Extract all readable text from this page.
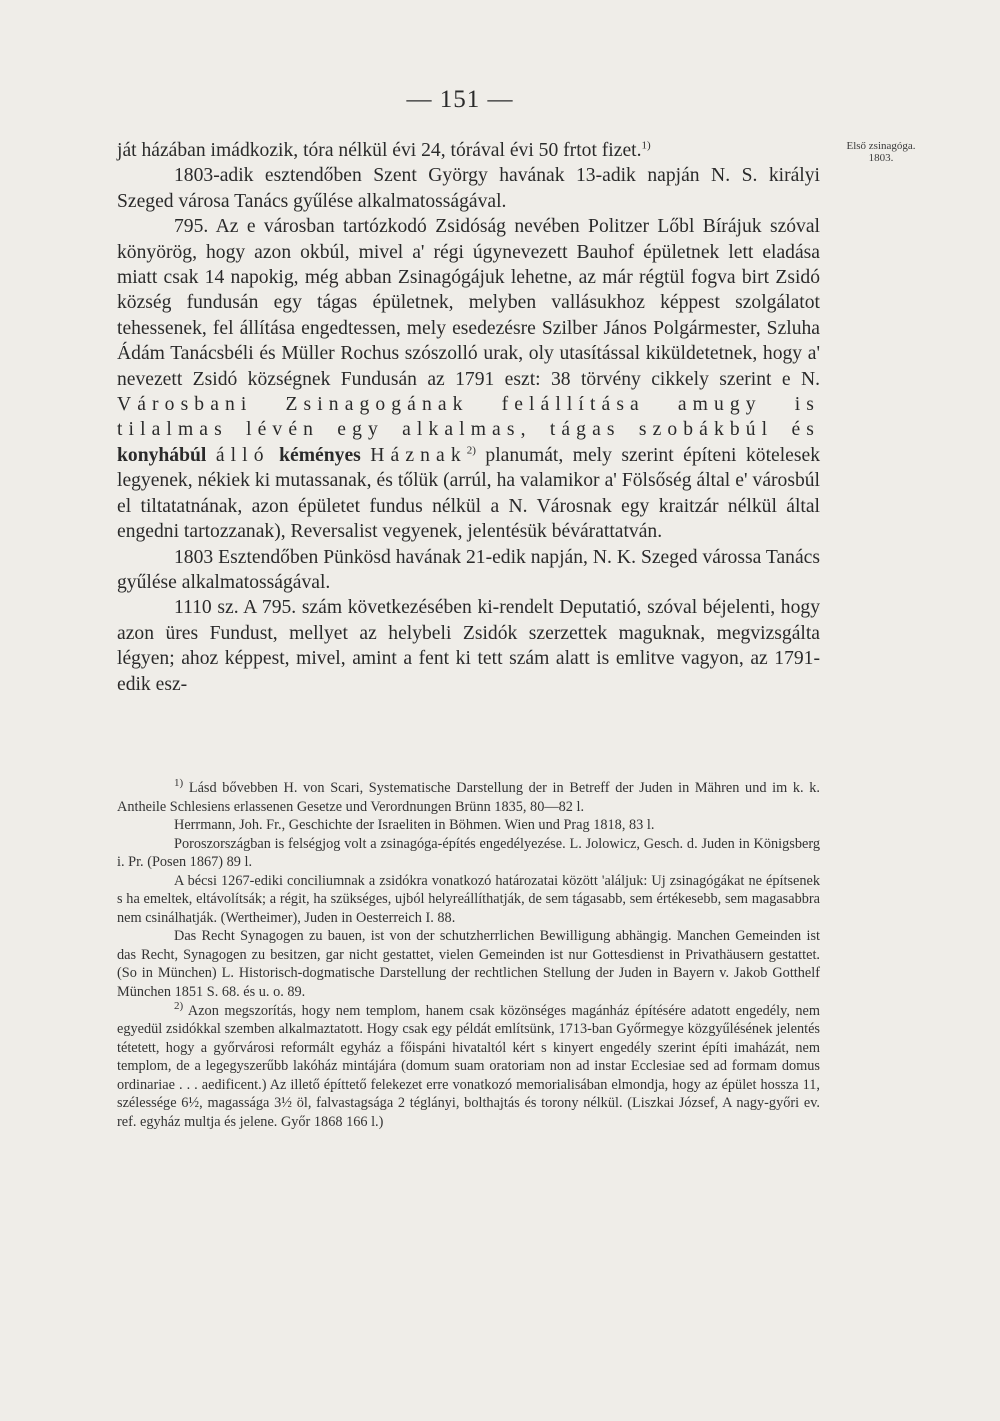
— 151 —
Első zsinagóga.
1803.

ját házában imádkozik, tóra nélkül évi 24, tórával évi 50 frtot fizet.$^{1)}$

1803-adik esztendőben Szent György havának 13-adik napján N. S. királyi Szeged városa Tanács gyűlése alkalmatosságával.

795. Az e városban tartózkodó Zsidóság nevében Politzer Lőbl Bírájuk szóval könyörög, hogy azon okbúl, mivel a' régi úgynevezett Bauhof épületnek lett eladása miatt csak 14 napokig, még abban Zsinagógájuk lehetne, az már régtül fogva birt Zsidó község fundusán egy tágas épületnek, melyben vallásukhoz képpest szolgálatot tehessenek, fel állítása engedtessen, mely esedezésre Szilber János Polgármester, Szluha Ádám Tanácsbéli és Müller Rochus szószolló urak, oly utasítással kiküldetetnek, hogy a' nevezett Zsidó községnek Fundusán az 1791 eszt: 38 törvény cikkely szerint e N. Városbani Zsinagogának felállítása amugy is tilalmas lévén egy alkalmas, tágas szobákbúl és konyhábúl álló kéményes Háznak$^{2)}$ planumát, mely szerint építeni kötelesek legyenek, nékiek ki mutassanak, és tőlük (arrúl, ha valamikor a' Fölsőség által e' városbúl el tiltatatnának, azon épületet fundus nélkül a N. Városnak egy kraitzár nélkül által engedni tartozzanak), Reversalist vegyenek, jelentésük bévárattatván.

1803 Esztendőben Pünkösd havának 21-edik napján, N. K. Szeged várossa Tanács gyűlése alkalmatosságával.

1110 sz. A 795. szám következésében ki-rendelt Deputatió, szóval béjelenti, hogy azon üres Fundust, mellyet az helybeli Zsidók szerzettek maguknak, megvizsgálta légyen; ahoz képpest, mivel, amint a fent ki tett szám alatt is emlitve vagyon, az 1791-edik esz-

$^{1)}$ Lásd bővebben H. von Scari, Systematische Darstellung der in Betreff der Juden in Mähren und im k. k. Antheile Schlesiens erlassenen Gesetze und Verordnungen Brünn 1835, 80—82 l.

Herrmann, Joh. Fr., Geschichte der Israeliten in Böhmen. Wien und Prag 1818, 83 l.

Poroszországban is felségjog volt a zsinagóga-építés engedélyezése. L. Jolowicz, Gesch. d. Juden in Königsberg i. Pr. (Posen 1867) 89 l.

A bécsi 1267-ediki conciliumnak a zsidókra vonatkozó határozatai között 'aláljuk: Uj zsinagógákat ne építsenek s ha emeltek, eltávolítsák; a régit, ha szükséges, ujból helyreállíthatják, de sem tágasabb, sem értékesebb, sem magasabbra nem csinálhatják. (Wertheimer), Juden in Oesterreich I. 88.

Das Recht Synagogen zu bauen, ist von der schutzherrlichen Bewilligung abhängig. Manchen Gemeinden ist das Recht, Synagogen zu besitzen, gar nicht gestattet, vielen Gemeinden ist nur Gottesdienst in Privathäusern gestattet. (So in München) L. Historisch-dogmatische Darstellung der rechtlichen Stellung der Juden in Bayern v. Jakob Gotthelf München 1851 S. 68. és u. o. 89.

$^{2)}$ Azon megszorítás, hogy nem templom, hanem csak közönséges magánház építésére adatott engedély, nem egyedül zsidókkal szemben alkalmaztatott. Hogy csak egy példát említsünk, 1713-ban Győrmegye közgyűlésének jelentés tétetett, hogy a győrvárosi reformált egyház a főispáni hivataltól kért s kinyert engedély szerint építi imaházát, nem templom, de a legegyszerűbb lakóház mintájára (domum suam oratoriam non ad instar Ecclesiae sed ad formam domus ordinariae . . . aedificent.) Az illető építtető felekezet erre vonatkozó memorialisában elmondja, hogy az épület hossza 11, szélessége 6½, magassága 3½ öl, falvastagsága 2 téglányi, bolthajtás és torony nélkül. (Liszkai József, A nagy-győri ev. ref. egyház multja és jelene. Győr 1868 166 l.)
